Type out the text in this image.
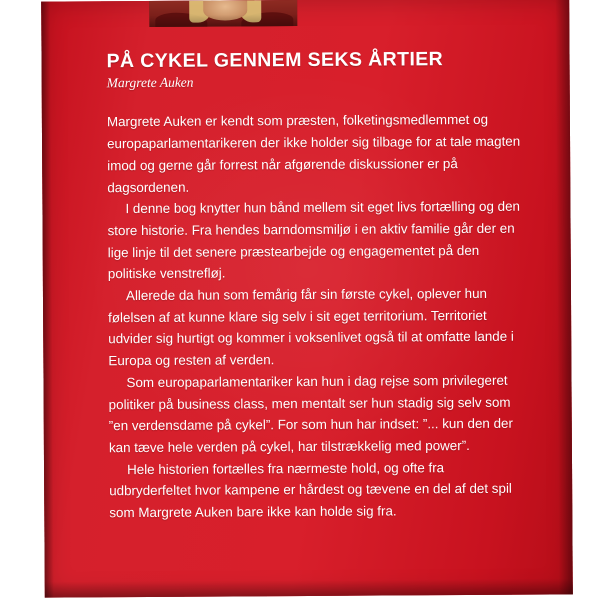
PÅ CYKEL GENNEM SEKS ÅRTIER
Margrete Auken

Margrete Auken er kendt som præsten, folketingsmedlemmet og europaparlamentarikeren der ikke holder sig tilbage for at tale magten imod og gerne går forrest når afgørende diskussioner er på dagsordenen.

I denne bog knytter hun bånd mellem sit eget livs fortælling og den store historie. Fra hendes barndomsmiljø i en aktiv familie går der en lige linje til det senere præstearbejde og engagementet på den politiske venstrefløj.

Allerede da hun som femårig får sin første cykel, oplever hun følelsen af at kunne klare sig selv i sit eget territorium. Territoriet udvider sig hurtigt og kommer i voksenlivet også til at omfatte lande i Europa og resten af verden.

Som europaparlamentariker kan hun i dag rejse som privilegeret politiker på business class, men mentalt ser hun stadig sig selv som ”en verdensdame på cykel”. For som hun har indset: ”... kun den der kan tæve hele verden på cykel, har tilstrækkelig med power”.

Hele historien fortælles fra nærmeste hold, og ofte fra udbryderfeltet hvor kampene er hårdest og tævene en del af det spil som Margrete Auken bare ikke kan holde sig fra.
